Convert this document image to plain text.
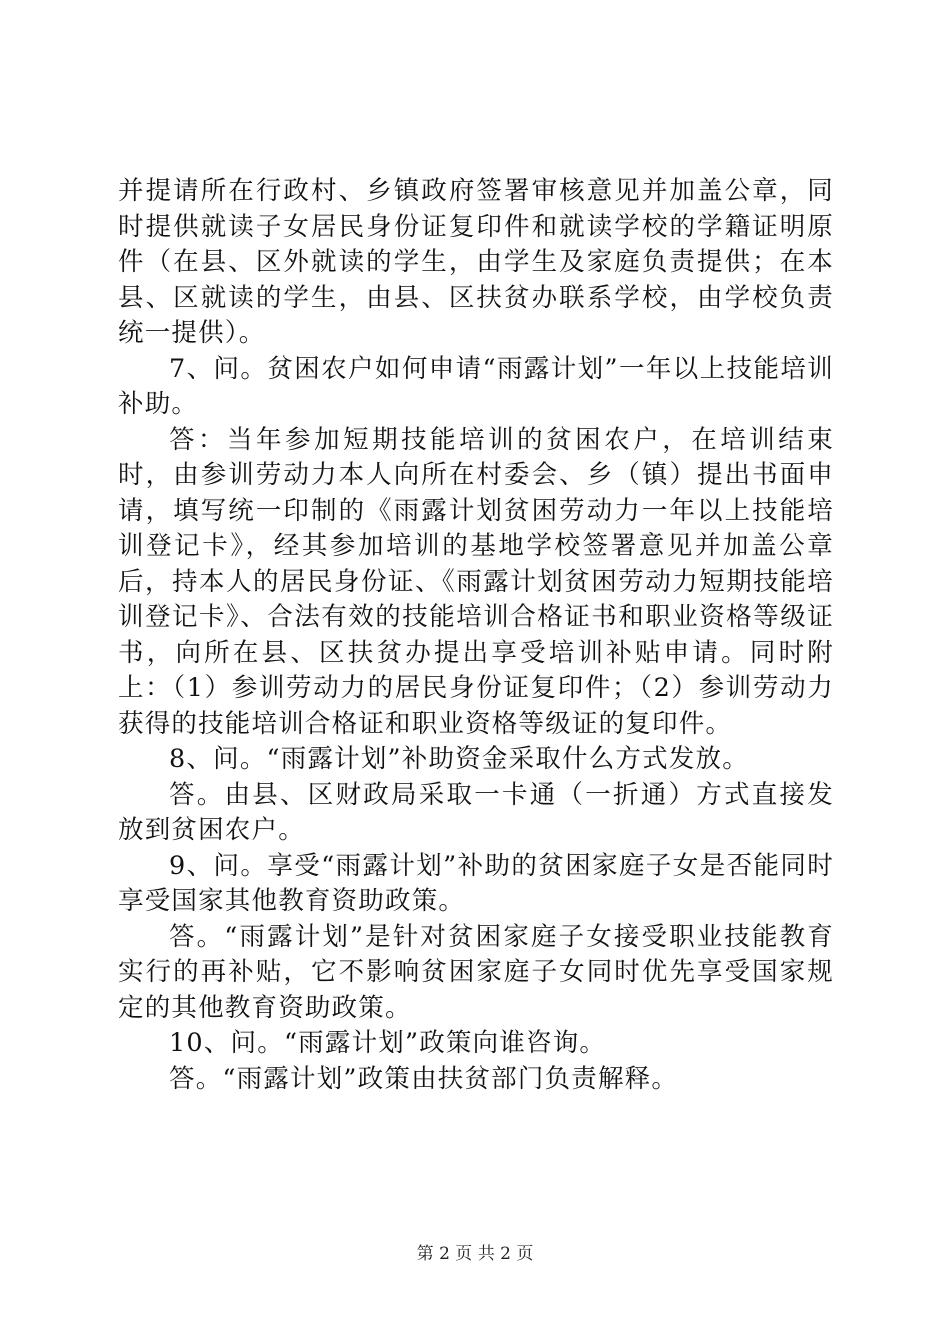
并提请所在行政村、乡镇政府签署审核意见并加盖公章，同时提供就读子女居民身份证复印件和就读学校的学籍证明原件（在县、区外就读的学生，由学生及家庭负责提供；在本县、区就读的学生，由县、区扶贫办联系学校，由学校负责统一提供）。

7、问。贫困农户如何申请“雨露计划”一年以上技能培训补助。

答：当年参加短期技能培训的贫困农户，在培训结束时，由参训劳动力本人向所在村委会、乡（镇）提出书面申请，填写统一印制的《雨露计划贫困劳动力一年以上技能培训登记卡》，经其参加培训的基地学校签署意见并加盖公章后，持本人的居民身份证、《雨露计划贫困劳动力短期技能培训登记卡》、合法有效的技能培训合格证书和职业资格等级证书，向所在县、区扶贫办提出享受培训补贴申请。同时附上：（1）参训劳动力的居民身份证复印件；（2）参训劳动力获得的技能培训合格证和职业资格等级证的复印件。

8、问。“雨露计划”补助资金采取什么方式发放。

答。由县、区财政局采取一卡通（一折通）方式直接发放到贫困农户。

9、问。享受“雨露计划”补助的贫困家庭子女是否能同时享受国家其他教育资助政策。

答。“雨露计划”是针对贫困家庭子女接受职业技能教育实行的再补贴，它不影响贫困家庭子女同时优先享受国家规定的其他教育资助政策。

10、问。“雨露计划”政策向谁咨询。

答。“雨露计划”政策由扶贫部门负责解释。

第 2 页 共 2 页
